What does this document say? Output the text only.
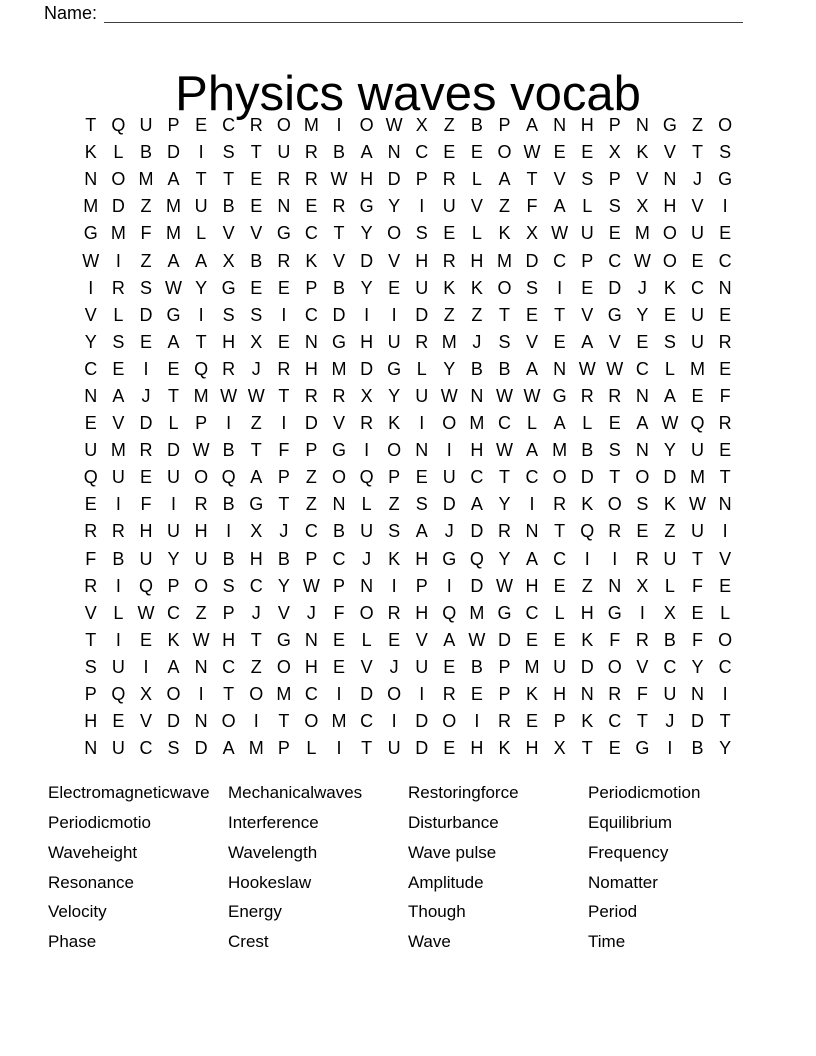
Name:
Physics waves vocab
T Q U P E C R O M I	O W X Z B P A N H P N G Z O
K L B D	I	S T U R B A N C E E O W E E X K V T S
N O M A T T E R R W H D P R L A T V S P V N J G
M D Z M U B E N E R G Y	I	U V Z F A L S X H V	I
G M F M L V V G C T Y O S E L K X W U E M O U E
W I	Z A A X B R K V D V H R H M D C P C W O E C
I	R S W Y G E E P B Y E U K K O S	I	E D J K C N
V L D G	I	S S	I	C D	I	I	D Z Z T E T V G Y E U E
Y S E A T H X E N G H U R M J S V E A V E S U R
C E	I	E Q R J R H M D G L Y B B A N W W C L M E
N A J T M W W T R R X Y U W N W W G R R N A E F
E V D L P	I	Z	I	D V R K	I	O M C L A L E A W Q R
U M R D W B T F P G	I	O N	I	H W A M B S N Y U E
Q U E U O Q A P Z O Q P E U C T C O D T O D M T
E	I	F	I	R B G T Z N L Z S D A Y	I	R K O S K W N
R R H U H	I	X J C B U S A J D R N T Q R E Z U	I
F B U Y U B H B P C J K H G Q Y A C	I	I	R U T V
R	I	Q P O S C Y W P N	I	P	I	D W H E Z N X L F E
V L W C Z P J V J F O R H Q M G C L H G	I	X E L
T	I	E K W H T G N E L E V A W D E E K F R B F O
S U	I	A N C Z O H E V J U E B P M U D O V C Y C
P Q X O	I	T O M C	I	D O	I	R E P K H N R F U N	I
H E V D N O	I	T O M C	I	D O	I	R E P K C T J D T
N U C S D A M P L	I	T U D E H K H X T E G	I	B Y
Electromagneticwave
Periodicmotio
Waveheight
Resonance
Velocity
Phase
Mechanicalwaves
Interference
Wavelength
Hookeslaw
Energy
Crest
Restoringforce
Disturbance
Wave pulse
Amplitude
Though
Wave
Periodicmotion
Equilibrium
Frequency
Nomatter
Period
Time
